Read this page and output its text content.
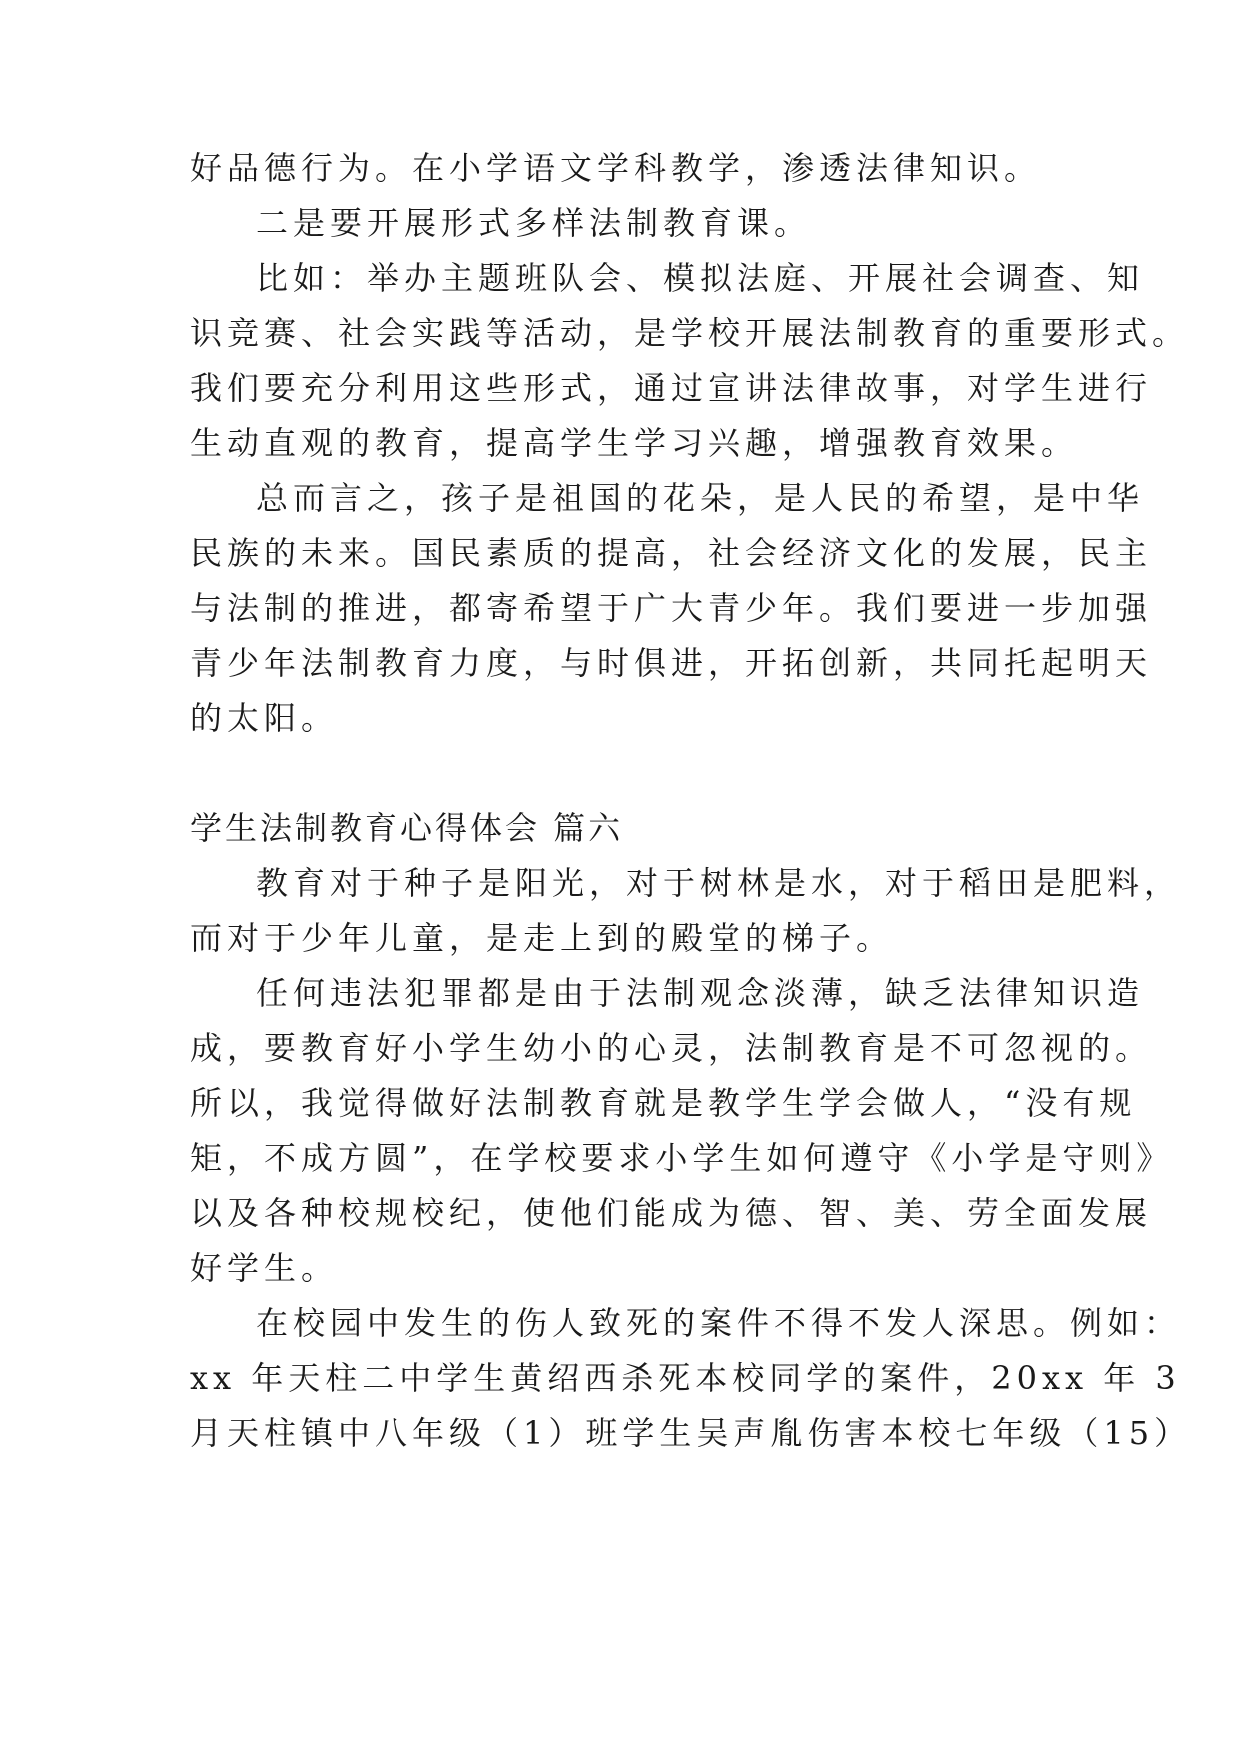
好品德行为。在小学语文学科教学，渗透法律知识。
二是要开展形式多样法制教育课。
比如：举办主题班队会、模拟法庭、开展社会调查、知
识竞赛、社会实践等活动，是学校开展法制教育的重要形式。
我们要充分利用这些形式，通过宣讲法律故事，对学生进行
生动直观的教育，提高学生学习兴趣，增强教育效果。
总而言之，孩子是祖国的花朵，是人民的希望，是中华
民族的未来。国民素质的提高，社会经济文化的发展，民主
与法制的推进，都寄希望于广大青少年。我们要进一步加强
青少年法制教育力度，与时俱进，开拓创新，共同托起明天
的太阳。
学生法制教育心得体会 篇六
教育对于种子是阳光，对于树林是水，对于稻田是肥料，
而对于少年儿童，是走上到的殿堂的梯子。
任何违法犯罪都是由于法制观念淡薄，缺乏法律知识造
成，要教育好小学生幼小的心灵，法制教育是不可忽视的。
所以，我觉得做好法制教育就是教学生学会做人，“没有规
矩，不成方圆”，在学校要求小学生如何遵守《小学是守则》
以及各种校规校纪，使他们能成为德、智、美、劳全面发展
好学生。
在校园中发生的伤人致死的案件不得不发人深思。例如：
xx 年天柱二中学生黄绍西杀死本校同学的案件，20xx 年 3
月天柱镇中八年级（1）班学生吴声胤伤害本校七年级（15）
